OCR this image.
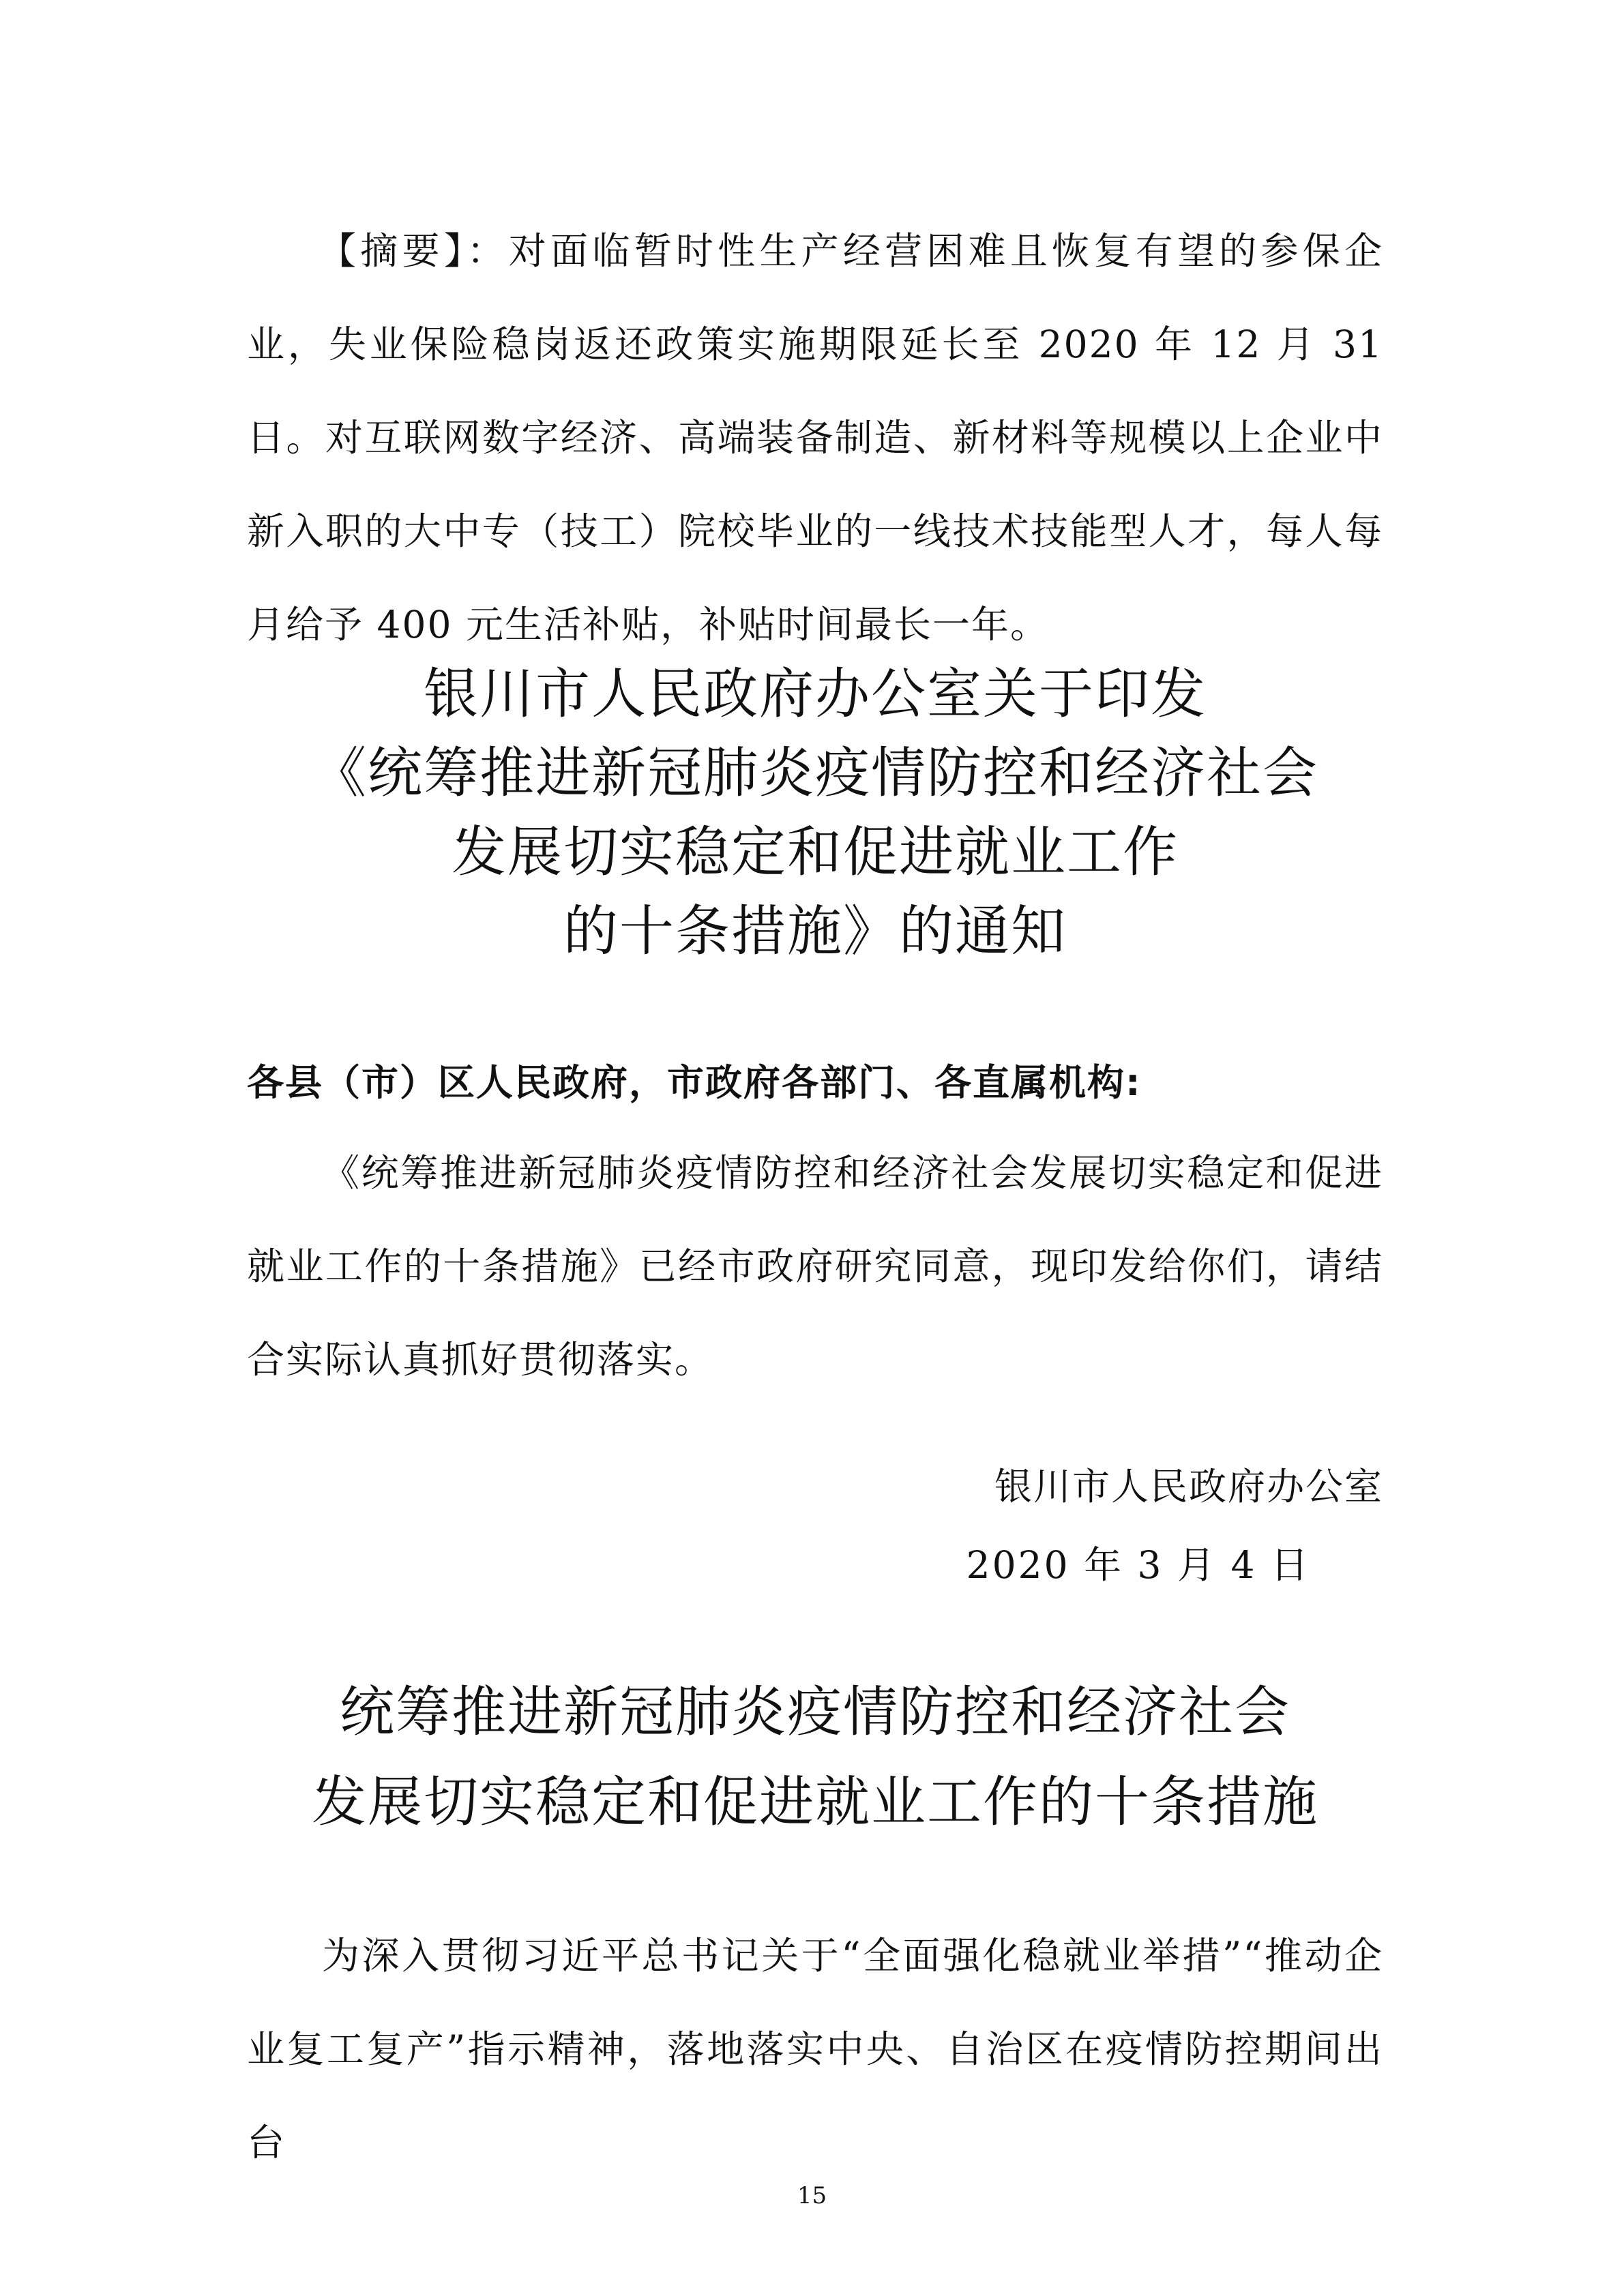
【摘要】：对面临暂时性生产经营困难且恢复有望的参保企业，失业保险稳岗返还政策实施期限延长至 2020 年 12 月 31 日。对互联网数字经济、高端装备制造、新材料等规模以上企业中新入职的大中专（技工）院校毕业的一线技术技能型人才，每人每月给予 400 元生活补贴，补贴时间最长一年。
银川市人民政府办公室关于印发
《统筹推进新冠肺炎疫情防控和经济社会
发展切实稳定和促进就业工作
的十条措施》的通知
各县（市）区人民政府，市政府各部门、各直属机构:
《统筹推进新冠肺炎疫情防控和经济社会发展切实稳定和促进就业工作的十条措施》已经市政府研究同意，现印发给你们，请结合实际认真抓好贯彻落实。
银川市人民政府办公室
2020 年 3 月 4 日
统筹推进新冠肺炎疫情防控和经济社会
发展切实稳定和促进就业工作的十条措施
为深入贯彻习近平总书记关于“全面强化稳就业举措”“推动企业复工复产”指示精神，落地落实中央、自治区在疫情防控期间出台
15
